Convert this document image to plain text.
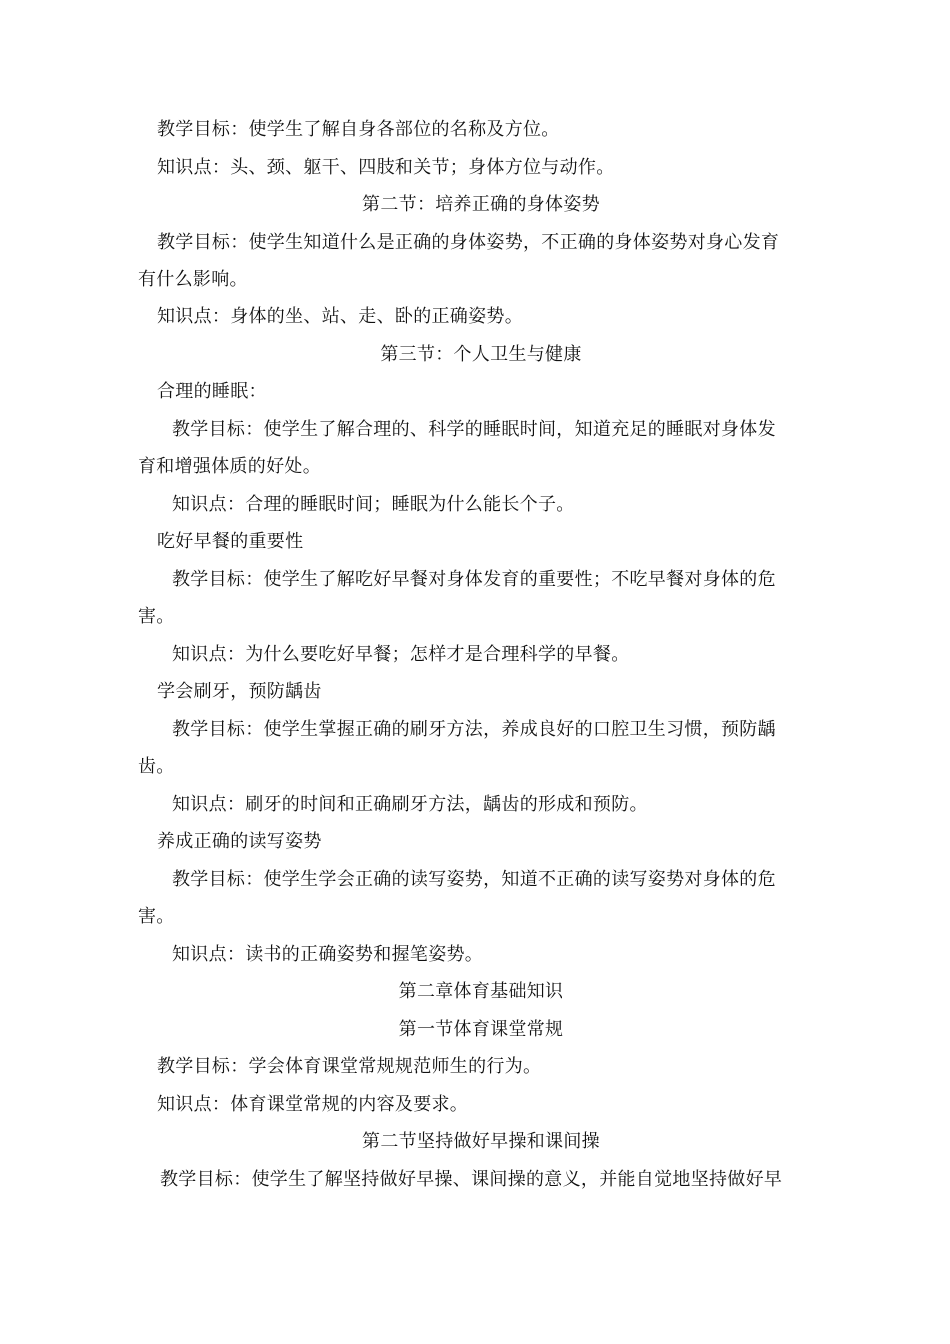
教学目标：使学生了解自身各部位的名称及方位。
知识点：头、颈、躯干、四肢和关节；身体方位与动作。
第二节：培养正确的身体姿势
教学目标：使学生知道什么是正确的身体姿势，不正确的身体姿势对身心发育
有什么影响。
知识点：身体的坐、站、走、卧的正确姿势。
第三节：个人卫生与健康
合理的睡眠：
教学目标：使学生了解合理的、科学的睡眠时间，知道充足的睡眠对身体发
育和增强体质的好处。
知识点：合理的睡眠时间；睡眠为什么能长个子。
吃好早餐的重要性
教学目标：使学生了解吃好早餐对身体发育的重要性；不吃早餐对身体的危
害。
知识点：为什么要吃好早餐；怎样才是合理科学的早餐。
学会刷牙，预防龋齿
教学目标：使学生掌握正确的刷牙方法，养成良好的口腔卫生习惯，预防龋
齿。
知识点：刷牙的时间和正确刷牙方法，龋齿的形成和预防。
养成正确的读写姿势
教学目标：使学生学会正确的读写姿势，知道不正确的读写姿势对身体的危
害。
知识点：读书的正确姿势和握笔姿势。
第二章体育基础知识
第一节体育课堂常规
教学目标：学会体育课堂常规规范师生的行为。
知识点：体育课堂常规的内容及要求。
第二节坚持做好早操和课间操
教学目标：使学生了解坚持做好早操、课间操的意义，并能自觉地坚持做好早
